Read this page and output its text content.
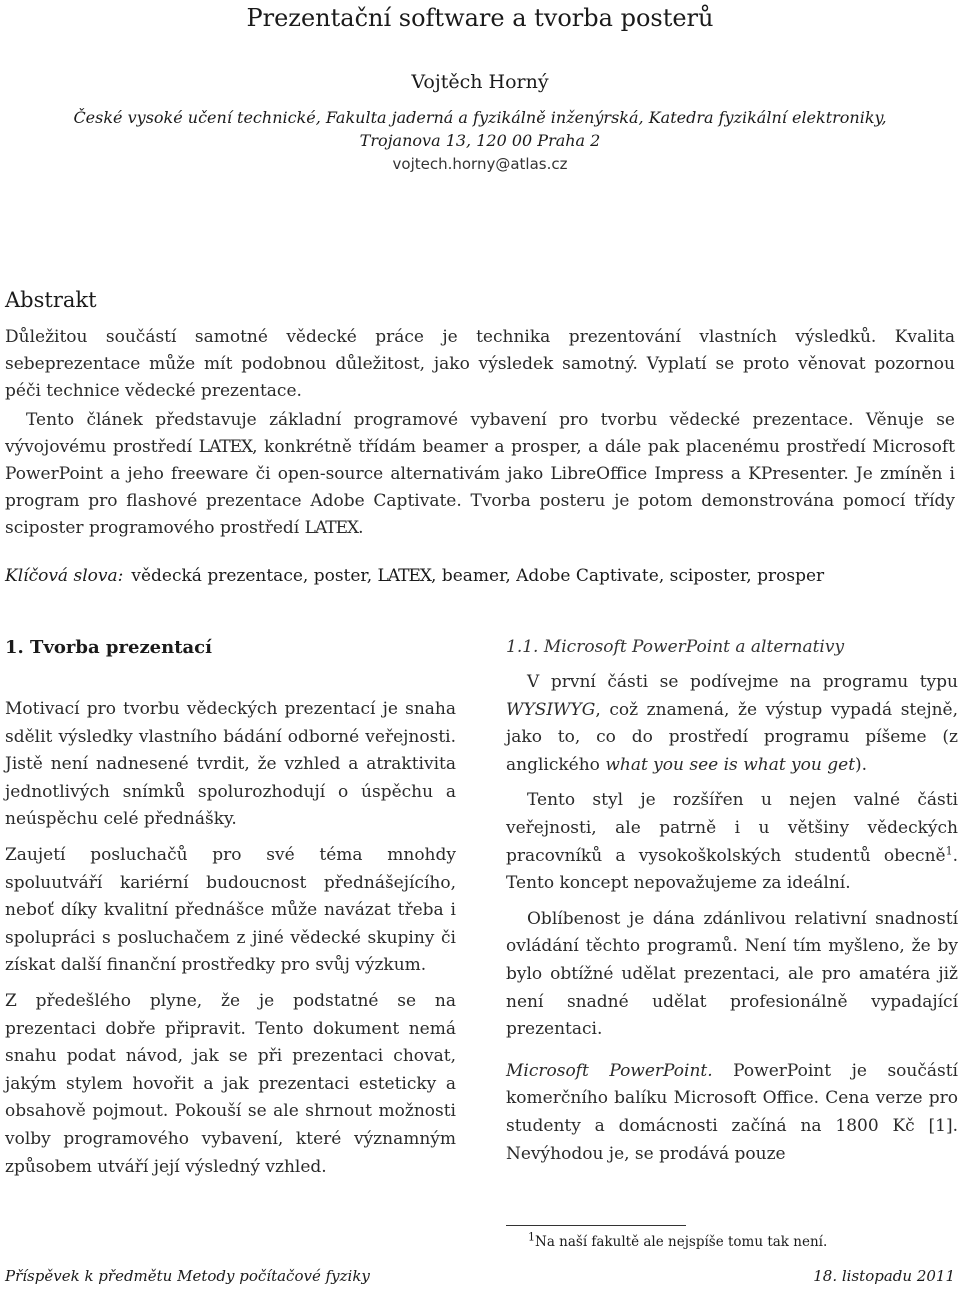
Prezentační software a tvorba posterů
Vojtěch Horný
České vysoké učení technické, Fakulta jaderná a fyzikálně inženýrská, Katedra fyzikální elektroniky,
Trojanova 13, 120 00 Praha 2
vojtech.horny@atlas.cz
Abstrakt

Důležitou součástí samotné vědecké práce je technika prezentování vlastních výsledků. Kvalita sebeprezentace může mít podobnou důležitost, jako výsledek samotný. Vyplatí se proto věnovat pozornou péči technice vědecké prezentace.

Tento článek představuje základní programové vybavení pro tvorbu vědecké prezentace. Věnuje se vývojovému prostředí LATEX, konkrétně třídám beamer a prosper, a dále pak placenému prostředí Microsoft PowerPoint a jeho freeware či open-source alternativám jako LibreOffice Impress a KPresenter. Je zmíněn i program pro flashové prezentace Adobe Captivate. Tvorba posteru je potom demonstrována pomocí třídy sciposter programového prostředí LATEX.

Klíčová slova: vědecká prezentace, poster, LATEX, beamer, Adobe Captivate, sciposter, prosper
1. Tvorba prezentací

Motivací pro tvorbu vědeckých prezentací je snaha sdělit výsledky vlastního bádání odborné veřejnosti. Jistě není nadnesené tvrdit, že vzhled a atraktivita jednotlivých snímků spolurozhodují o úspěchu a neúspěchu celé přednášky.

Zaujetí posluchačů pro své téma mnohdy spoluutváří kariérní budoucnost přednášejícího, neboť díky kvalitní přednášce může navázat třeba i spolupráci s posluchačem z jiné vědecké skupiny či získat další finanční prostředky pro svůj výzkum.

Z předešlého plyne, že je podstatné se na prezentaci dobře připravit. Tento dokument nemá snahu podat návod, jak se při prezentaci chovat, jakým stylem hovořit a jak prezentaci esteticky a obsahově pojmout. Pokouší se ale shrnout možnosti volby programového vybavení, které významným způsobem utváří její výsledný vzhled.

1.1. Microsoft PowerPoint a alternativy

V první části se podívejme na programu typu WYSIWYG, což znamená, že výstup vypadá stejně, jako to, co do prostředí programu píšeme (z anglického what you see is what you get).

Tento styl je rozšířen u nejen valné části veřejnosti, ale patrně i u většiny vědeckých pracovníků a vysokoškolských studentů obecně$^1$. Tento koncept nepovažujeme za ideální.

Oblíbenost je dána zdánlivou relativní snadností ovládání těchto programů. Není tím myšleno, že by bylo obtížné udělat prezentaci, ale pro amatéra již není snadné udělat profesionálně vypadající prezentaci.

Microsoft PowerPoint. PowerPoint je součástí komerčního balíku Microsoft Office. Cena verze pro studenty a domácnosti začíná na 1800 Kč [1]. Nevýhodou je, se prodává pouze

$^1$Na naší fakultě ale nejspíše tomu tak není.
Příspěvek k předmětu Metody počítačové fyziky	18. listopadu 2011
